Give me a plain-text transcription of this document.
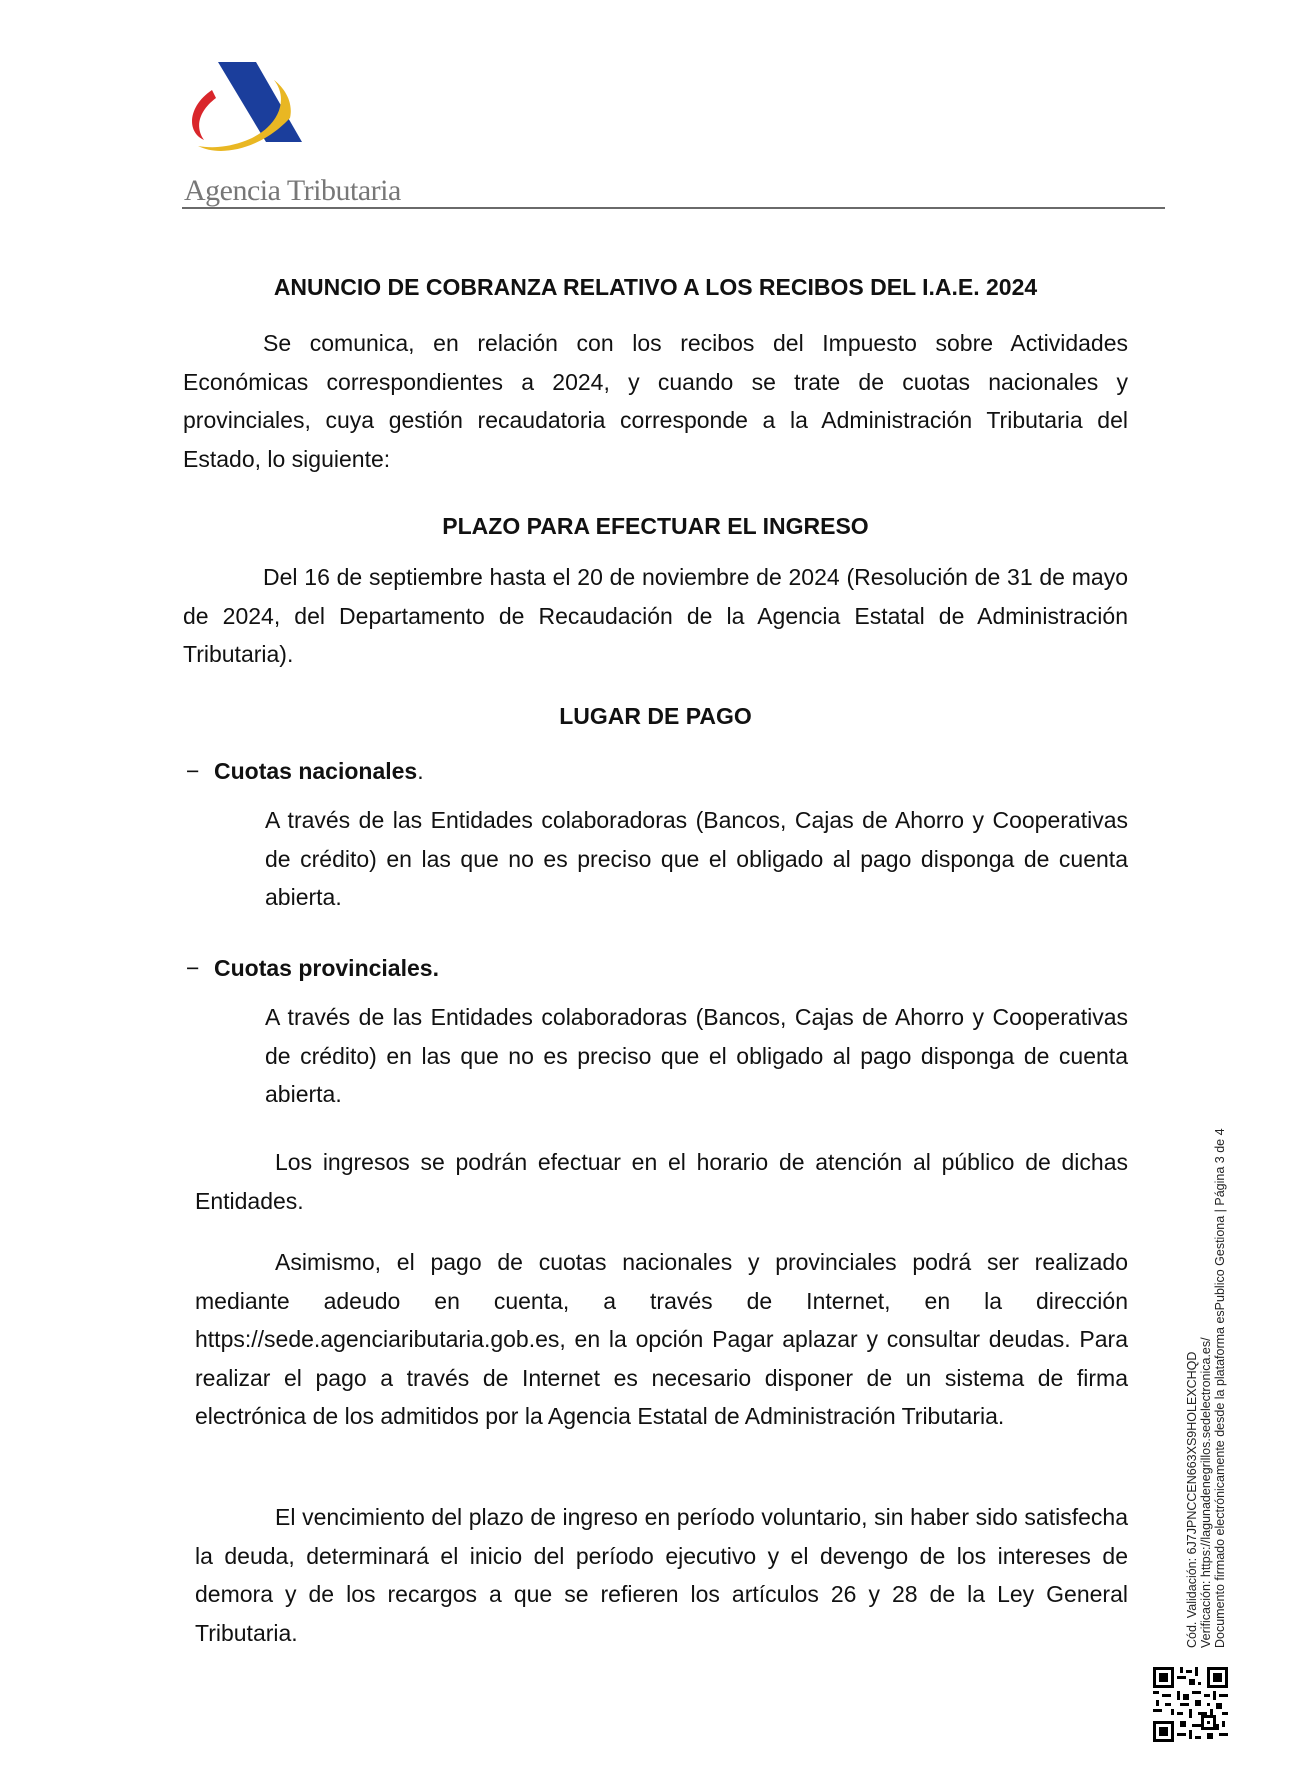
Agencia Tributaria
ANUNCIO DE COBRANZA RELATIVO A LOS RECIBOS DEL I.A.E. 2024
Se comunica, en relación con los recibos del Impuesto sobre Actividades Económicas correspondientes a 2024, y cuando se trate de cuotas nacionales y provinciales, cuya gestión recaudatoria corresponde a la Administración Tributaria del Estado, lo siguiente:
PLAZO PARA EFECTUAR EL INGRESO
Del 16 de septiembre hasta el 20 de noviembre de 2024 (Resolución de 31 de mayo de 2024, del Departamento de Recaudación de la Agencia Estatal de Administración Tributaria).
LUGAR DE PAGO
− Cuotas nacionales.
A través de las Entidades colaboradoras (Bancos, Cajas de Ahorro y Cooperativas de crédito) en las que no es preciso que el obligado al pago disponga de cuenta abierta.
− Cuotas provinciales.
A través de las Entidades colaboradoras (Bancos, Cajas de Ahorro y Cooperativas de crédito) en las que no es preciso que el obligado al pago disponga de cuenta abierta.
Los ingresos se podrán efectuar en el horario de atención al público de dichas Entidades.
Asimismo, el pago de cuotas nacionales y provinciales podrá ser realizado mediante adeudo en cuenta, a través de Internet, en la dirección https://sede.agenciaributaria.gob.es, en la opción Pagar aplazar y consultar deudas. Para realizar el pago a través de Internet es necesario disponer de un sistema de firma electrónica de los admitidos por la Agencia Estatal de Administración Tributaria.
El vencimiento del plazo de ingreso en período voluntario, sin haber sido satisfecha la deuda, determinará el inicio del período ejecutivo y el devengo de los intereses de demora y de los recargos a que se refieren los artículos 26 y 28 de la Ley General Tributaria.	Cód. Validación: 6J7JPNCCEN663XS9HOLEXCHQD Verificación: https://lagunadenegrillos.sedelectronica.es/ Documento firmado electrónicamente desde la plataforma esPublico Gestiona | Página 3 de 4
